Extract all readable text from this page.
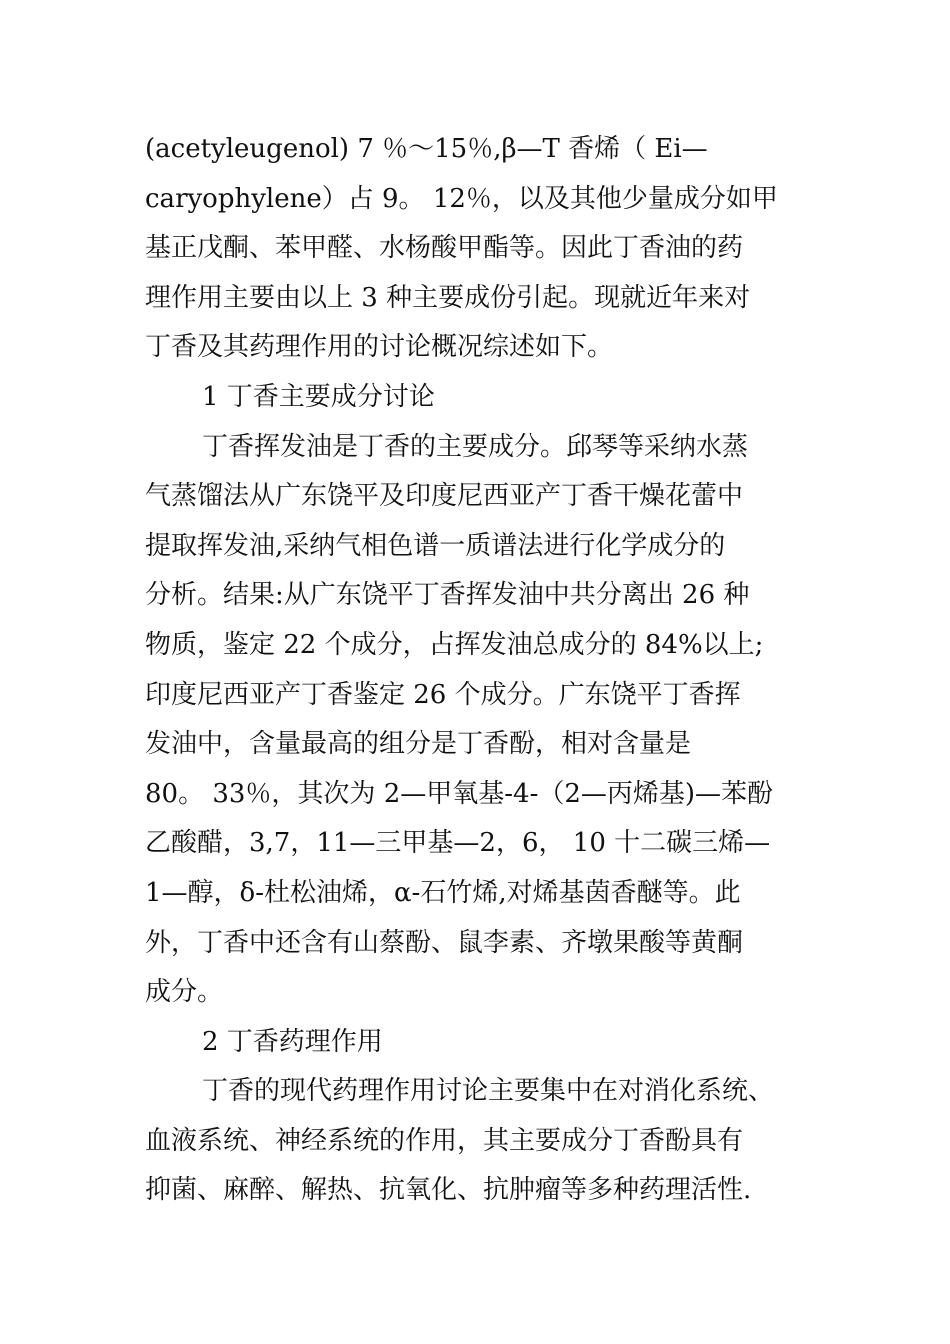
(acetyleugenol) 7 ％～15％,β—T 香烯（ Ei—
caryophylene）占 9。 12％，以及其他少量成分如甲
基正戊酮、苯甲醛、水杨酸甲酯等。因此丁香油的药
理作用主要由以上 3 种主要成份引起。现就近年来对
丁香及其药理作用的讨论概况综述如下。
1 丁香主要成分讨论
丁香挥发油是丁香的主要成分。邱琴等采纳水蒸
气蒸馏法从广东饶平及印度尼西亚产丁香干燥花蕾中
提取挥发油,采纳气相色谱一质谱法进行化学成分的
分析。结果:从广东饶平丁香挥发油中共分离出 26 种
物质，鉴定 22 个成分，占挥发油总成分的 84%以上;
印度尼西亚产丁香鉴定 26 个成分。广东饶平丁香挥
发油中，含量最高的组分是丁香酚，相对含量是
80。 33％，其次为 2—甲氧基-4-（2—丙烯基)—苯酚
乙酸醋，3,7，11—三甲基—2，6， 10 十二碳三烯—
1—醇，δ-杜松油烯，α-石竹烯,对烯基茵香醚等。此
外，丁香中还含有山蔡酚、鼠李素、齐墩果酸等黄酮
成分。
2 丁香药理作用
丁香的现代药理作用讨论主要集中在对消化系统、
血液系统、神经系统的作用，其主要成分丁香酚具有
抑菌、麻醉、解热、抗氧化、抗肿瘤等多种药理活性.
